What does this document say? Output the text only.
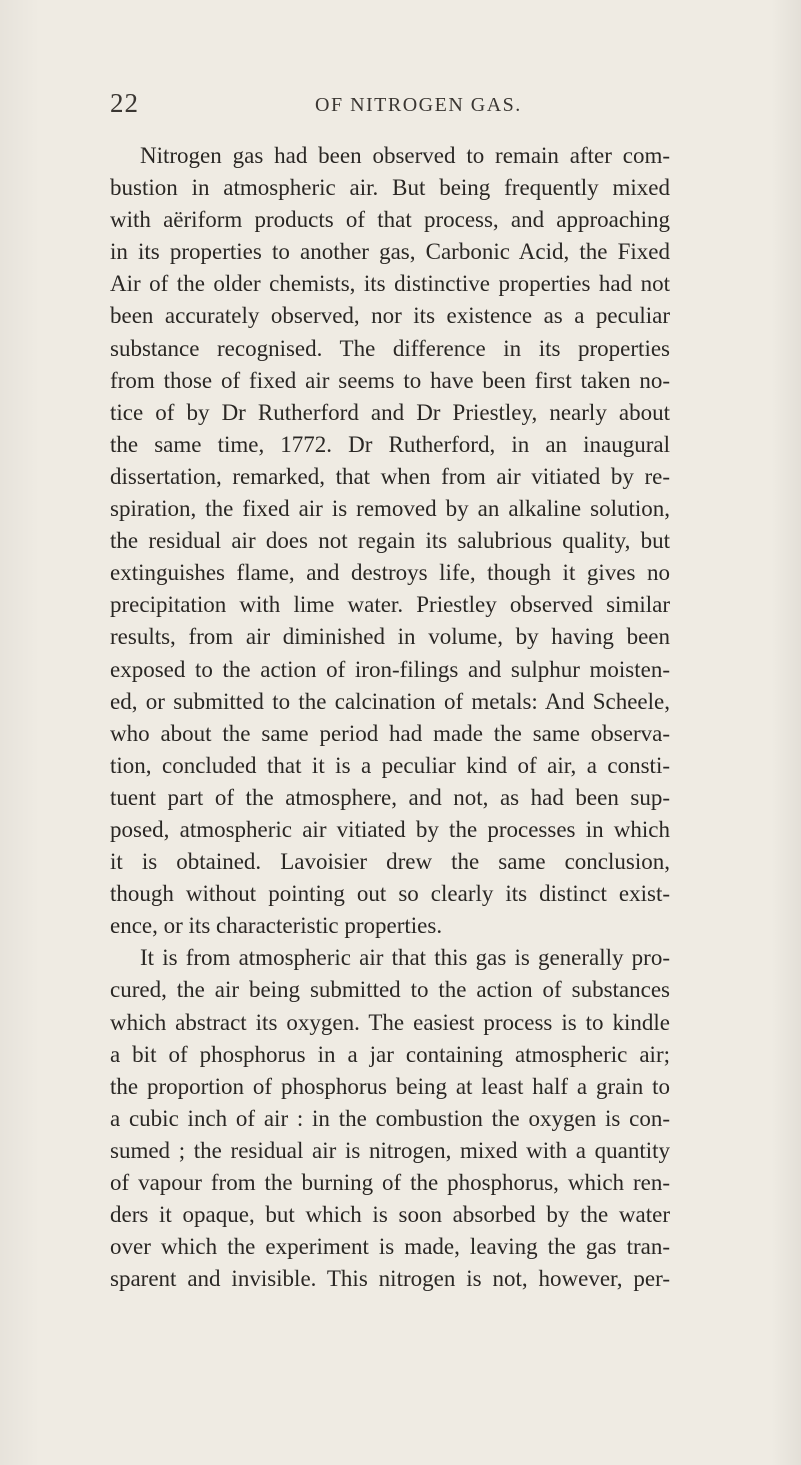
22	OF NITROGEN GAS.
Nitrogen gas had been observed to remain after com-
bustion in atmospheric air. But being frequently mixed
with aëriform products of that process, and approaching
in its properties to another gas, Carbonic Acid, the Fixed
Air of the older chemists, its distinctive properties had not
been accurately observed, nor its existence as a peculiar
substance recognised. The difference in its properties
from those of fixed air seems to have been first taken no-
tice of by Dr Rutherford and Dr Priestley, nearly about
the same time, 1772. Dr Rutherford, in an inaugural
dissertation, remarked, that when from air vitiated by re-
spiration, the fixed air is removed by an alkaline solution,
the residual air does not regain its salubrious quality, but
extinguishes flame, and destroys life, though it gives no
precipitation with lime water. Priestley observed similar
results, from air diminished in volume, by having been
exposed to the action of iron-filings and sulphur moisten-
ed, or submitted to the calcination of metals: And Scheele,
who about the same period had made the same observa-
tion, concluded that it is a peculiar kind of air, a consti-
tuent part of the atmosphere, and not, as had been sup-
posed, atmospheric air vitiated by the processes in which
it is obtained. Lavoisier drew the same conclusion,
though without pointing out so clearly its distinct exist-
ence, or its characteristic properties.
It is from atmospheric air that this gas is generally pro-
cured, the air being submitted to the action of substances
which abstract its oxygen. The easiest process is to kindle
a bit of phosphorus in a jar containing atmospheric air;
the proportion of phosphorus being at least half a grain to
a cubic inch of air : in the combustion the oxygen is con-
sumed ; the residual air is nitrogen, mixed with a quantity
of vapour from the burning of the phosphorus, which ren-
ders it opaque, but which is soon absorbed by the water
over which the experiment is made, leaving the gas tran-
sparent and invisible. This nitrogen is not, however, per-
